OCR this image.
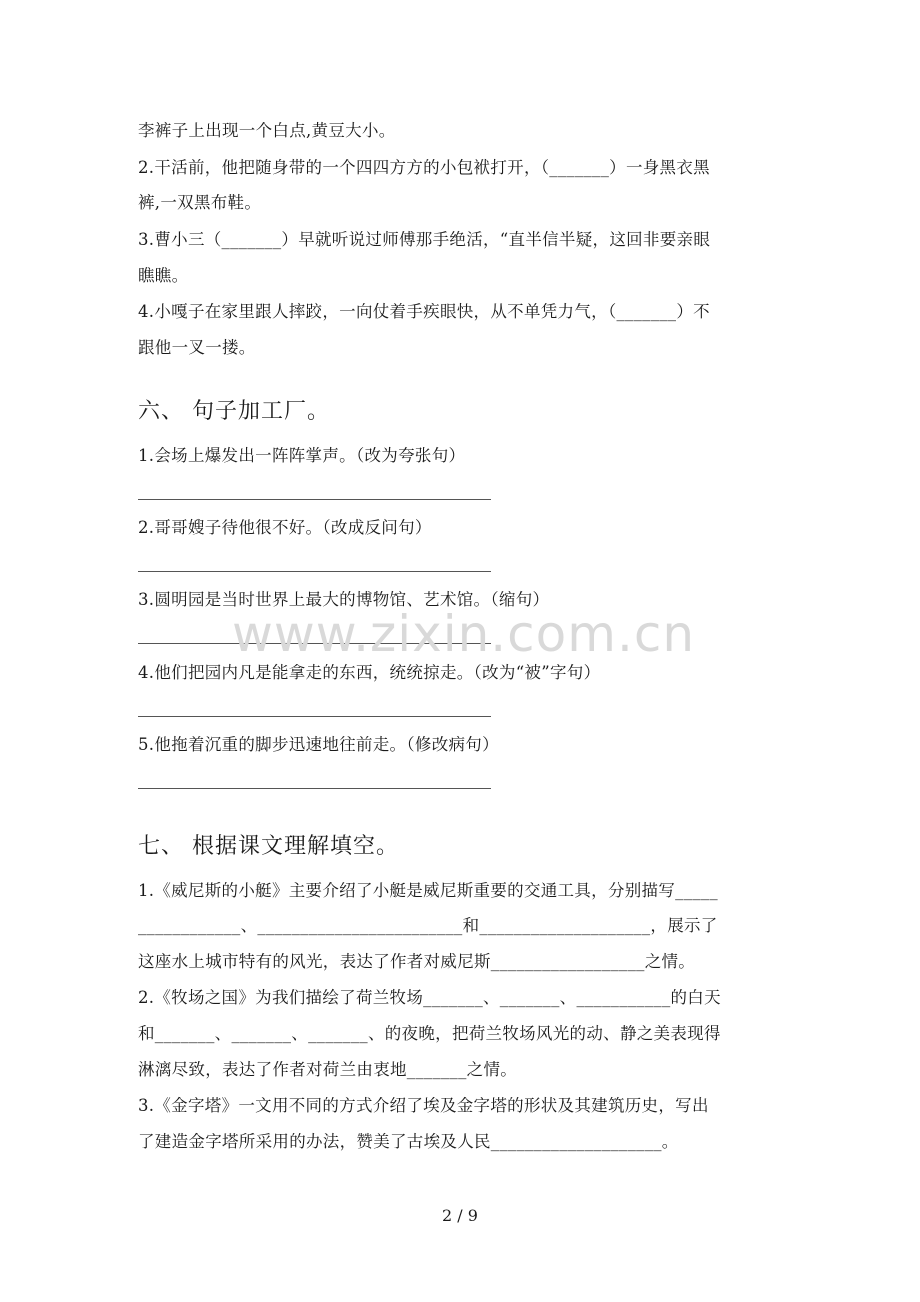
李裤子上出现一个白点,黄豆大小。
2.干活前，他把随身带的一个四四方方的小包袱打开，（_______）一身黑衣黑
裤,一双黑布鞋。
3.曹小三（_______）早就听说过师傅那手绝活，“直半信半疑，这回非要亲眼
瞧瞧。
4.小嘎子在家里跟人摔跤，一向仗着手疾眼快，从不单凭力气，（_______）不
跟他一叉一搂。
六、 句子加工厂。
1.会场上爆发出一阵阵掌声。（改为夸张句）
2.哥哥嫂子待他很不好。（改成反问句）
3.圆明园是当时世界上最大的博物馆、艺术馆。（缩句）
4.他们把园内凡是能拿走的东西，统统掠走。（改为“被”字句）
5.他拖着沉重的脚步迅速地往前走。（修改病句）
七、 根据课文理解填空。
1.《威尼斯的小艇》主要介绍了小艇是威尼斯重要的交通工具，分别描写_____
____________、________________________和____________________，展示了
这座水上城市特有的风光，表达了作者对威尼斯__________________之情。
2.《牧场之国》为我们描绘了荷兰牧场_______、_______、___________的白天
和_______、_______、_______、的夜晚，把荷兰牧场风光的动、静之美表现得
淋漓尽致，表达了作者对荷兰由衷地_______之情。
3.《金字塔》一文用不同的方式介绍了埃及金字塔的形状及其建筑历史，写出
了建造金字塔所采用的办法，赞美了古埃及人民____________________。
www.zixin.com.cn
2 / 9
